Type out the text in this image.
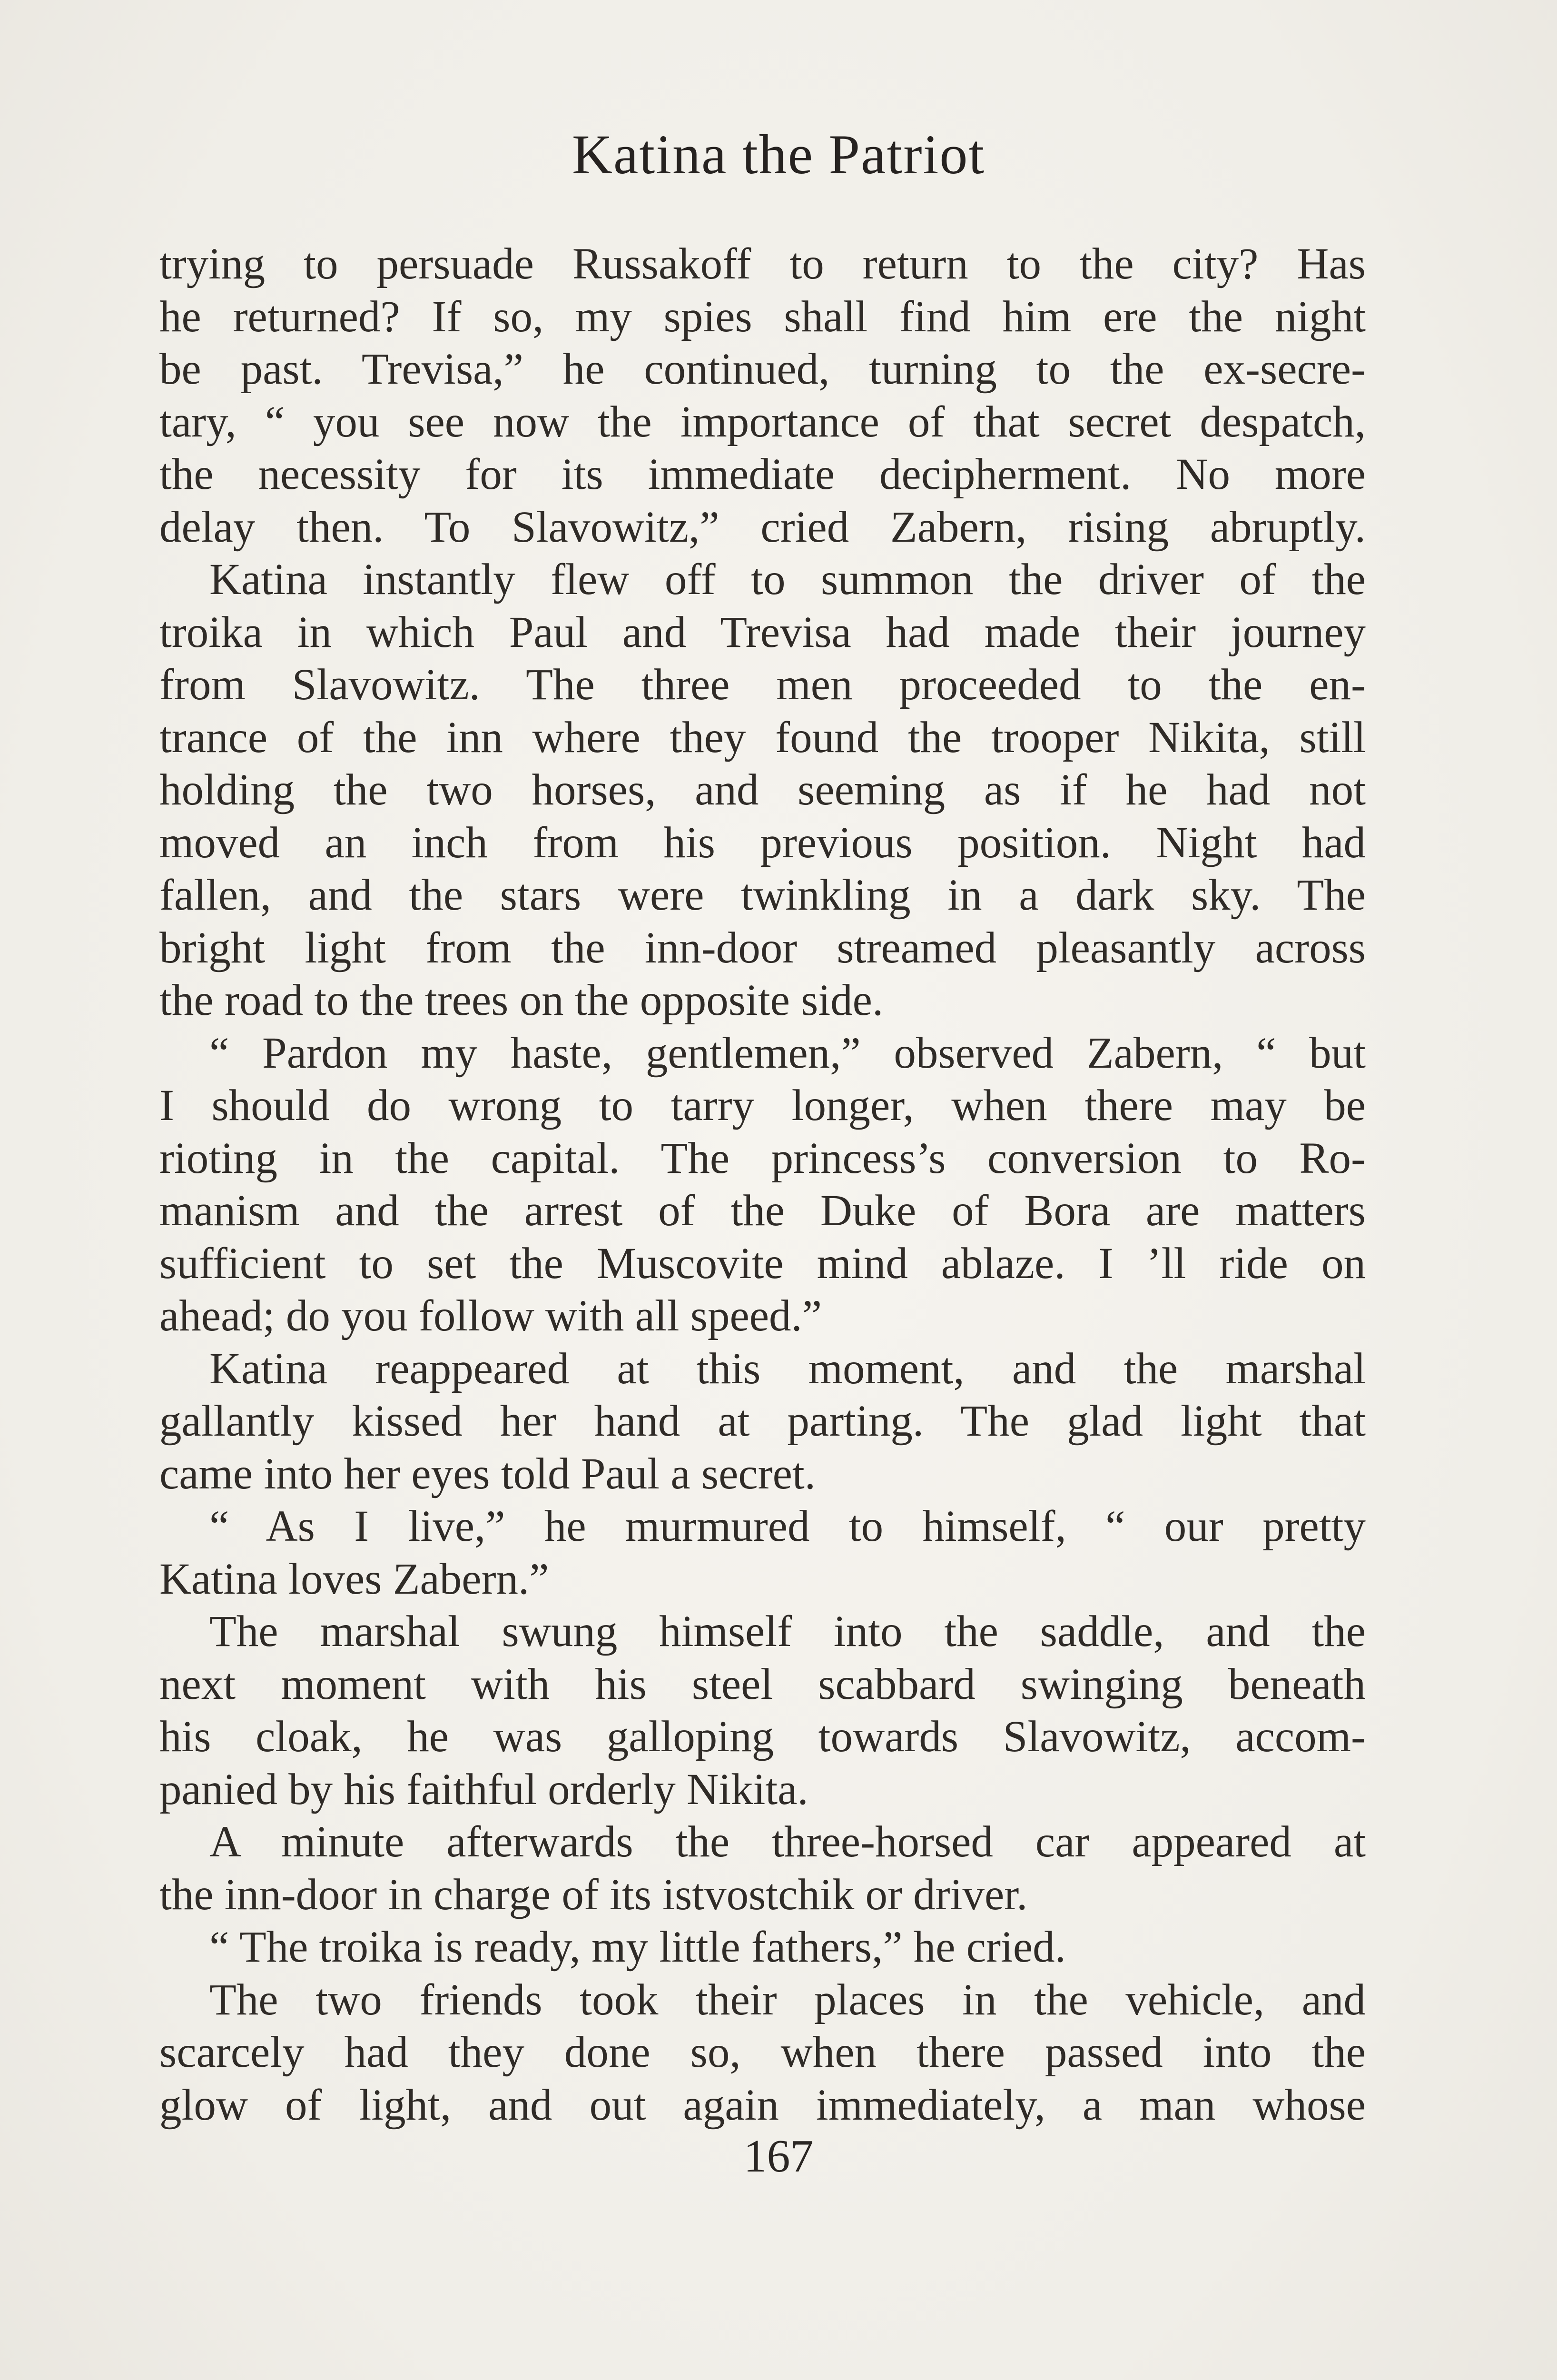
Katina the Patriot
trying to persuade Russakoff to return to the city? Has
he returned? If so, my spies shall find him ere the night
be past. Trevisa,” he continued, turning to the ex-secre-
tary, “ you see now the importance of that secret despatch,
the necessity for its immediate decipherment. No more
delay then. To Slavowitz,” cried Zabern, rising abruptly.
Katina instantly flew off to summon the driver of the
troika in which Paul and Trevisa had made their journey
from Slavowitz. The three men proceeded to the en-
trance of the inn where they found the trooper Nikita, still
holding the two horses, and seeming as if he had not
moved an inch from his previous position. Night had
fallen, and the stars were twinkling in a dark sky. The
bright light from the inn-door streamed pleasantly across
the road to the trees on the opposite side.
“ Pardon my haste, gentlemen,” observed Zabern, “ but
I should do wrong to tarry longer, when there may be
rioting in the capital. The princess’s conversion to Ro-
manism and the arrest of the Duke of Bora are matters
sufficient to set the Muscovite mind ablaze. I ’ll ride on
ahead; do you follow with all speed.”
Katina reappeared at this moment, and the marshal
gallantly kissed her hand at parting. The glad light that
came into her eyes told Paul a secret.
“ As I live,” he murmured to himself, “ our pretty
Katina loves Zabern.”
The marshal swung himself into the saddle, and the
next moment with his steel scabbard swinging beneath
his cloak, he was galloping towards Slavowitz, accom-
panied by his faithful orderly Nikita.
A minute afterwards the three-horsed car appeared at
the inn-door in charge of its istvostchik or driver.
“ The troika is ready, my little fathers,” he cried.
The two friends took their places in the vehicle, and
scarcely had they done so, when there passed into the
glow of light, and out again immediately, a man whose
167
